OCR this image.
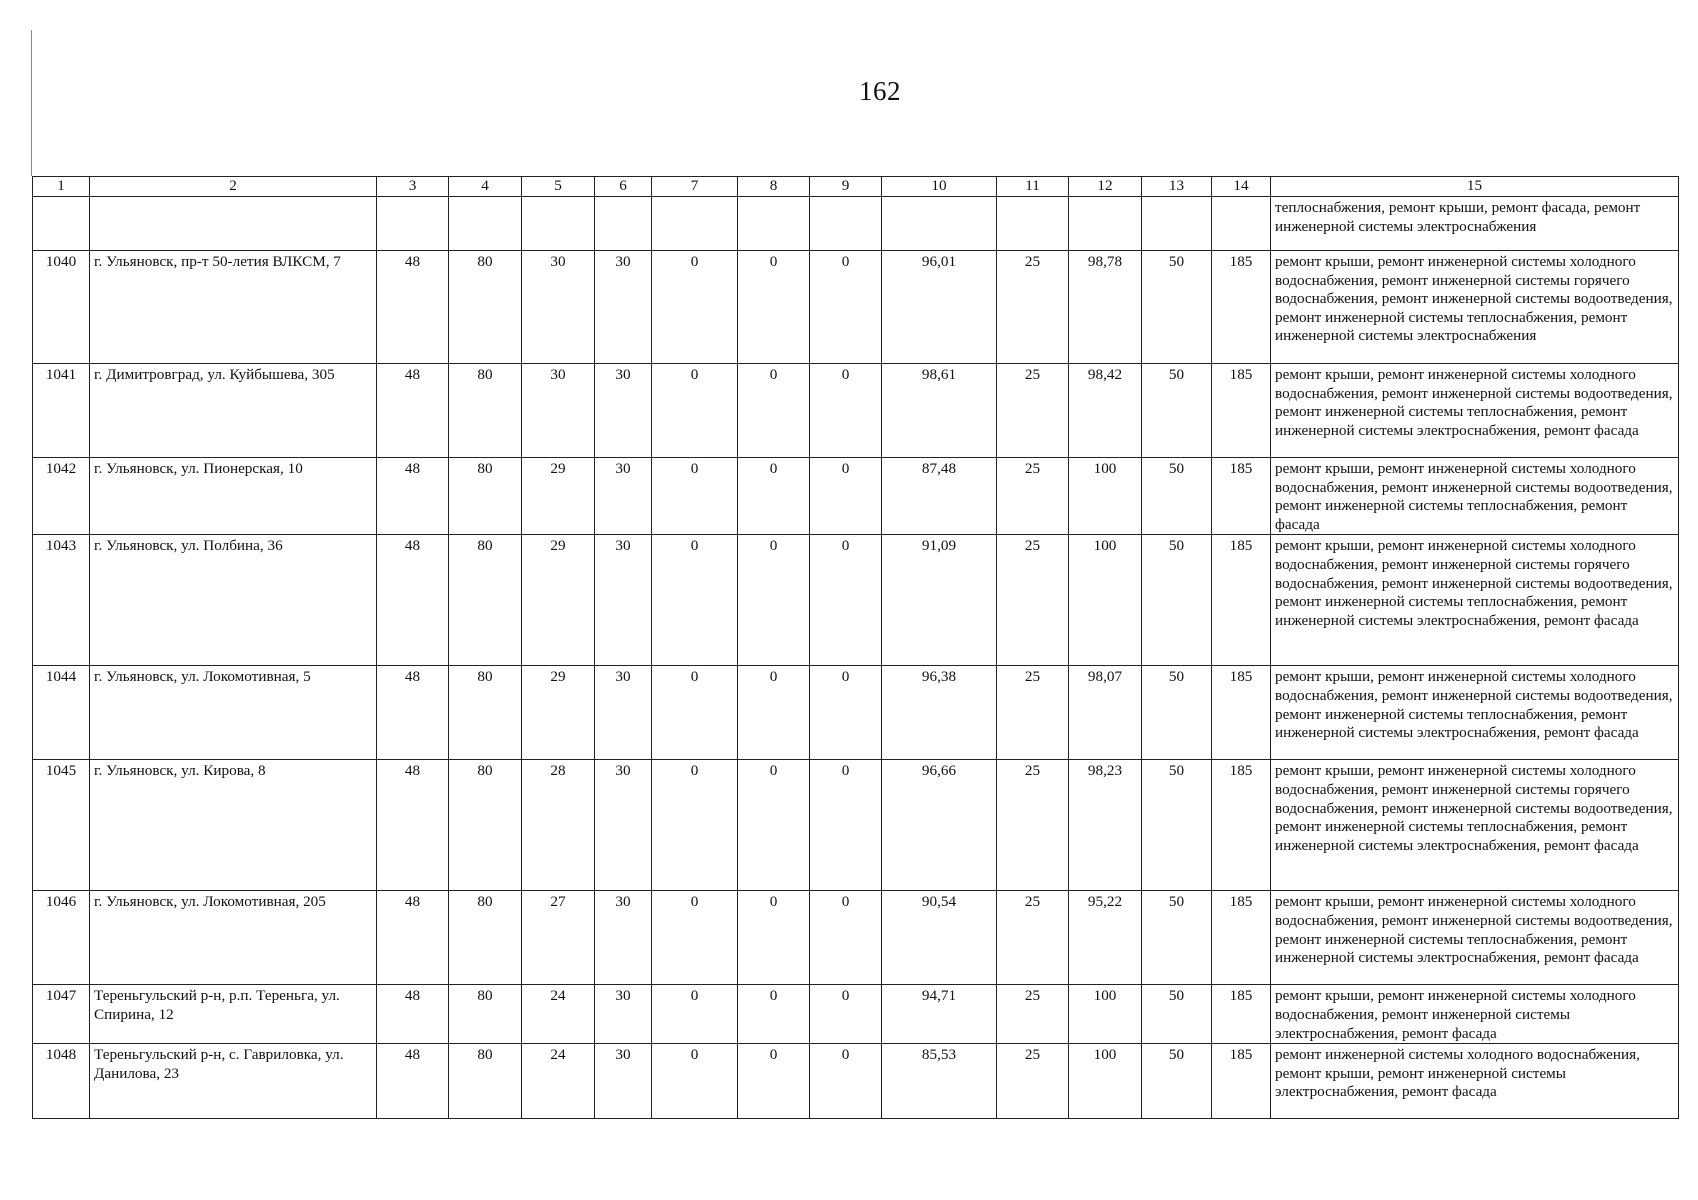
162
1	2	3	4	5	6	7	8	9	10	11	12	13	14	15
														теплоснабжения, ремонт крыши, ремонт фасада, ремонт инженерной системы электроснабжения
1040	г. Ульяновск, пр-т 50-летия ВЛКСМ, 7	48	80	30	30	0	0	0	96,01	25	98,78	50	185	ремонт крыши, ремонт инженерной системы холодного водоснабжения, ремонт инженерной системы горячего водоснабжения, ремонт инженерной системы водоотведения, ремонт инженерной системы теплоснабжения, ремонт инженерной системы электроснабжения
1041	г. Димитровград, ул. Куйбышева, 305	48	80	30	30	0	0	0	98,61	25	98,42	50	185	ремонт крыши, ремонт инженерной системы холодного водоснабжения, ремонт инженерной системы водоотведения, ремонт инженерной системы теплоснабжения, ремонт инженерной системы электроснабжения, ремонт фасада
1042	г. Ульяновск, ул. Пионерская, 10	48	80	29	30	0	0	0	87,48	25	100	50	185	ремонт крыши, ремонт инженерной системы холодного водоснабжения, ремонт инженерной системы водоотведения, ремонт инженерной системы теплоснабжения, ремонт фасада
1043	г. Ульяновск, ул. Полбина, 36	48	80	29	30	0	0	0	91,09	25	100	50	185	ремонт крыши, ремонт инженерной системы холодного водоснабжения, ремонт инженерной системы горячего водоснабжения, ремонт инженерной системы водоотведения, ремонт инженерной системы теплоснабжения, ремонт инженерной системы электроснабжения, ремонт фасада
1044	г. Ульяновск, ул. Локомотивная, 5	48	80	29	30	0	0	0	96,38	25	98,07	50	185	ремонт крыши, ремонт инженерной системы холодного водоснабжения, ремонт инженерной системы водоотведения, ремонт инженерной системы теплоснабжения, ремонт инженерной системы электроснабжения, ремонт фасада
1045	г. Ульяновск, ул. Кирова, 8	48	80	28	30	0	0	0	96,66	25	98,23	50	185	ремонт крыши, ремонт инженерной системы холодного водоснабжения, ремонт инженерной системы горячего водоснабжения, ремонт инженерной системы водоотведения, ремонт инженерной системы теплоснабжения, ремонт инженерной системы электроснабжения, ремонт фасада
1046	г. Ульяновск, ул. Локомотивная, 205	48	80	27	30	0	0	0	90,54	25	95,22	50	185	ремонт крыши, ремонт инженерной системы холодного водоснабжения, ремонт инженерной системы водоотведения, ремонт инженерной системы теплоснабжения, ремонт инженерной системы электроснабжения, ремонт фасада
1047	Тереньгульский р-н, р.п. Тереньга, ул. Спирина, 12	48	80	24	30	0	0	0	94,71	25	100	50	185	ремонт крыши, ремонт инженерной системы холодного водоснабжения, ремонт инженерной системы электроснабжения, ремонт фасада
1048	Тереньгульский р-н, с. Гавриловка, ул. Данилова, 23	48	80	24	30	0	0	0	85,53	25	100	50	185	ремонт инженерной системы холодного водоснабжения, ремонт крыши, ремонт инженерной системы электроснабжения, ремонт фасада
